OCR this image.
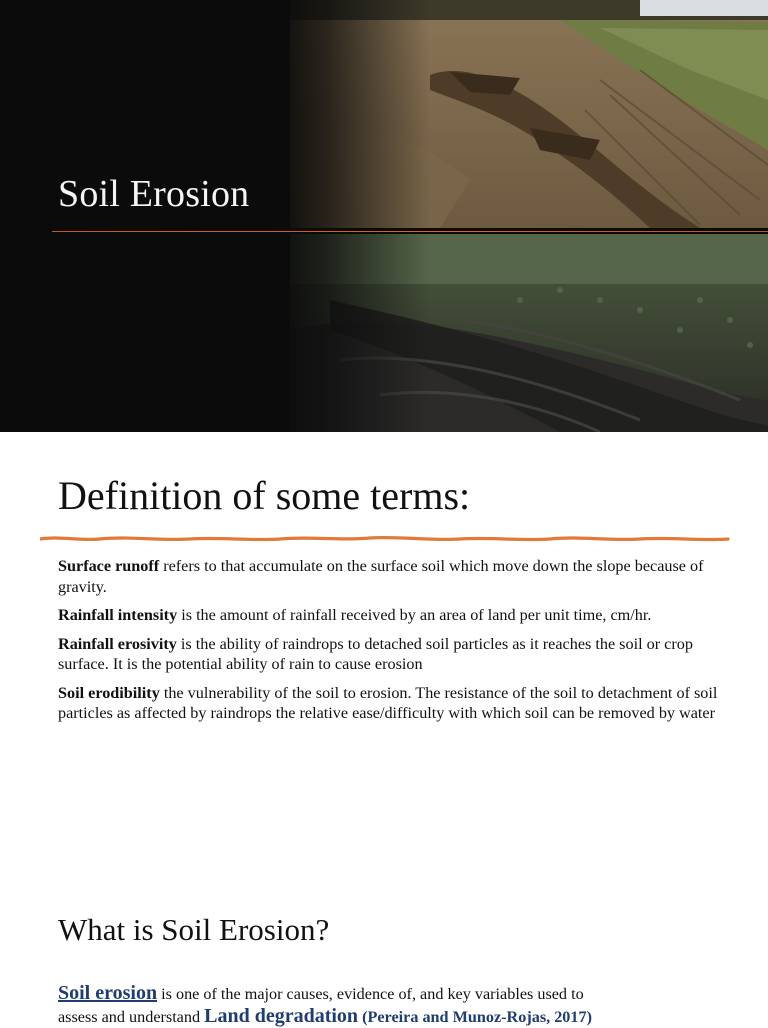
Soil Erosion
Definition of some terms:

Surface runoff refers to that accumulate on the surface soil which move down the slope because of gravity.

Rainfall intensity is the amount of rainfall received by an area of land per unit time, cm/hr.

Rainfall erosivity is the ability of raindrops to detached soil particles as it reaches the soil or crop surface. It is the potential ability of rain to cause erosion

Soil erodibility the vulnerability of the soil to erosion. The resistance of the soil to detachment of soil particles as affected by raindrops the relative ease/difficulty with which soil can be removed by water

What is Soil Erosion?
Soil erosion is one of the major causes, evidence of, and key variables used to
assess and understand Land degradation (Pereira and Munoz-Rojas, 2017)
